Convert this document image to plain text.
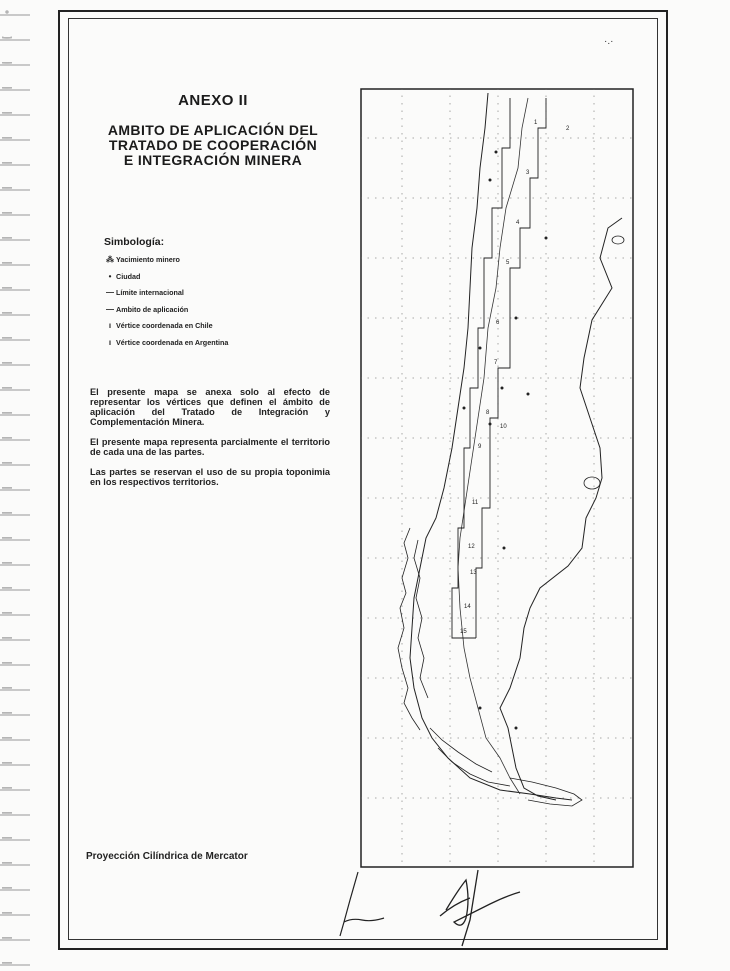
·.·
ANEXO II
AMBITO DE APLICACIÓN DEL
TRATADO DE COOPERACIÓN
E INTEGRACIÓN MINERA
Simbología:
⁂ Yacimiento minero
• Ciudad
— Límite internacional
— Ambito de aplicación
ı Vértice coordenada en Chile
ı Vértice coordenada en Argentina

El presente mapa se anexa solo al efecto de representar los vértices que definen el ámbito de aplicación del Tratado de Integración y Complementación Minera.

El presente mapa representa parcialmente el territorio de cada una de las partes.

Las partes se reservan el uso de su propia toponimia en los respectivos territorios.

Proyección Cilíndrica de Mercator
1
2
3
4
5
6
7
8
9
10
11
12
13
14
15
